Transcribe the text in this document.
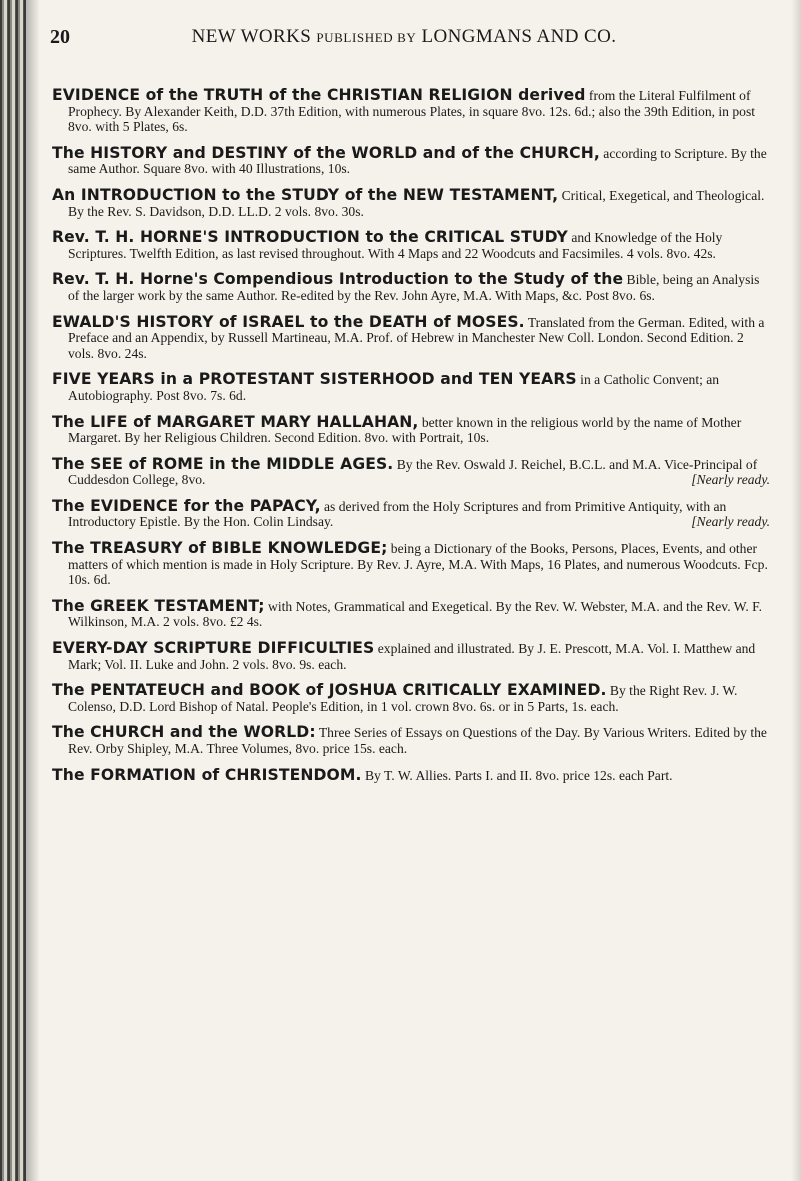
20	NEW WORKS PUBLISHED BY LONGMANS AND CO.

EVIDENCE of the TRUTH of the CHRISTIAN RELIGION derived from the Literal Fulfilment of Prophecy. By Alexander Keith, D.D. 37th Edition, with numerous Plates, in square 8vo. 12s. 6d.; also the 39th Edition, in post 8vo. with 5 Plates, 6s.

The HISTORY and DESTINY of the WORLD and of the CHURCH, according to Scripture. By the same Author. Square 8vo. with 40 Illustrations, 10s.

An INTRODUCTION to the STUDY of the NEW TESTAMENT, Critical, Exegetical, and Theological. By the Rev. S. Davidson, D.D. LL.D. 2 vols. 8vo. 30s.

Rev. T. H. HORNE'S INTRODUCTION to the CRITICAL STUDY and Knowledge of the Holy Scriptures. Twelfth Edition, as last revised throughout. With 4 Maps and 22 Woodcuts and Facsimiles. 4 vols. 8vo. 42s.

Rev. T. H. Horne's Compendious Introduction to the Study of the Bible, being an Analysis of the larger work by the same Author. Re-edited by the Rev. John Ayre, M.A. With Maps, &c. Post 8vo. 6s.

EWALD'S HISTORY of ISRAEL to the DEATH of MOSES. Translated from the German. Edited, with a Preface and an Appendix, by Russell Martineau, M.A. Prof. of Hebrew in Manchester New Coll. London. Second Edition. 2 vols. 8vo. 24s.

FIVE YEARS in a PROTESTANT SISTERHOOD and TEN YEARS in a Catholic Convent; an Autobiography. Post 8vo. 7s. 6d.

The LIFE of MARGARET MARY HALLAHAN, better known in the religious world by the name of Mother Margaret. By her Religious Children. Second Edition. 8vo. with Portrait, 10s.

The SEE of ROME in the MIDDLE AGES. By the Rev. Oswald J. Reichel, B.C.L. and M.A. Vice-Principal of Cuddesdon College, 8vo.	[Nearly ready.

The EVIDENCE for the PAPACY, as derived from the Holy Scriptures and from Primitive Antiquity, with an Introductory Epistle. By the Hon. Colin Lindsay.	[Nearly ready.

The TREASURY of BIBLE KNOWLEDGE; being a Dictionary of the Books, Persons, Places, Events, and other matters of which mention is made in Holy Scripture. By Rev. J. Ayre, M.A. With Maps, 16 Plates, and numerous Woodcuts. Fcp. 10s. 6d.

The GREEK TESTAMENT; with Notes, Grammatical and Exegetical. By the Rev. W. Webster, M.A. and the Rev. W. F. Wilkinson, M.A. 2 vols. 8vo. £2 4s.

EVERY-DAY SCRIPTURE DIFFICULTIES explained and illustrated. By J. E. Prescott, M.A. Vol. I. Matthew and Mark; Vol. II. Luke and John. 2 vols. 8vo. 9s. each.

The PENTATEUCH and BOOK of JOSHUA CRITICALLY EXAMINED. By the Right Rev. J. W. Colenso, D.D. Lord Bishop of Natal. People's Edition, in 1 vol. crown 8vo. 6s. or in 5 Parts, 1s. each.

The CHURCH and the WORLD: Three Series of Essays on Questions of the Day. By Various Writers. Edited by the Rev. Orby Shipley, M.A. Three Volumes, 8vo. price 15s. each.

The FORMATION of CHRISTENDOM. By T. W. Allies. Parts I. and II. 8vo. price 12s. each Part.
